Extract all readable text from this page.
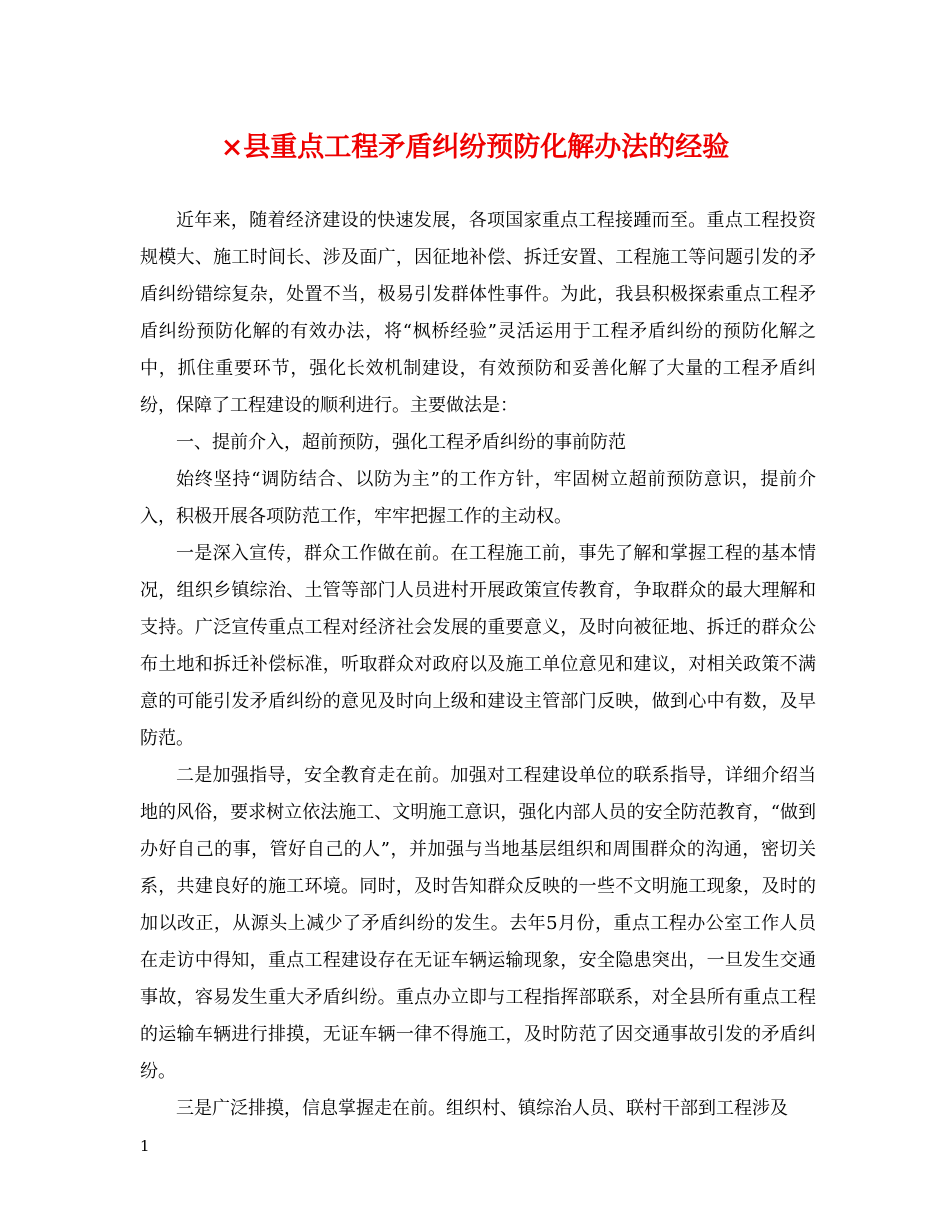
×县重点工程矛盾纠纷预防化解办法的经验

近年来，随着经济建设的快速发展，各项国家重点工程接踵而至。重点工程投资规模大、施工时间长、涉及面广，因征地补偿、拆迁安置、工程施工等问题引发的矛盾纠纷错综复杂，处置不当，极易引发群体性事件。为此，我县积极探索重点工程矛盾纠纷预防化解的有效办法，将“枫桥经验”灵活运用于工程矛盾纠纷的预防化解之中，抓住重要环节，强化长效机制建设，有效预防和妥善化解了大量的工程矛盾纠纷，保障了工程建设的顺利进行。主要做法是：

一、提前介入，超前预防，强化工程矛盾纠纷的事前防范

始终坚持“调防结合、以防为主”的工作方针，牢固树立超前预防意识，提前介入，积极开展各项防范工作，牢牢把握工作的主动权。

一是深入宣传，群众工作做在前。在工程施工前，事先了解和掌握工程的基本情况，组织乡镇综治、土管等部门人员进村开展政策宣传教育，争取群众的最大理解和支持。广泛宣传重点工程对经济社会发展的重要意义，及时向被征地、拆迁的群众公布土地和拆迁补偿标准，听取群众对政府以及施工单位意见和建议，对相关政策不满意的可能引发矛盾纠纷的意见及时向上级和建设主管部门反映，做到心中有数，及早防范。

二是加强指导，安全教育走在前。加强对工程建设单位的联系指导，详细介绍当地的风俗，要求树立依法施工、文明施工意识，强化内部人员的安全防范教育，“做到办好自己的事，管好自己的人”，并加强与当地基层组织和周围群众的沟通，密切关系，共建良好的施工环境。同时，及时告知群众反映的一些不文明施工现象，及时的加以改正，从源头上减少了矛盾纠纷的发生。去年5月份，重点工程办公室工作人员在走访中得知，重点工程建设存在无证车辆运输现象，安全隐患突出，一旦发生交通事故，容易发生重大矛盾纠纷。重点办立即与工程指挥部联系，对全县所有重点工程的运输车辆进行排摸，无证车辆一律不得施工，及时防范了因交通事故引发的矛盾纠纷。

三是广泛排摸，信息掌握走在前。组织村、镇综治人员、联村干部到工程涉及

1
